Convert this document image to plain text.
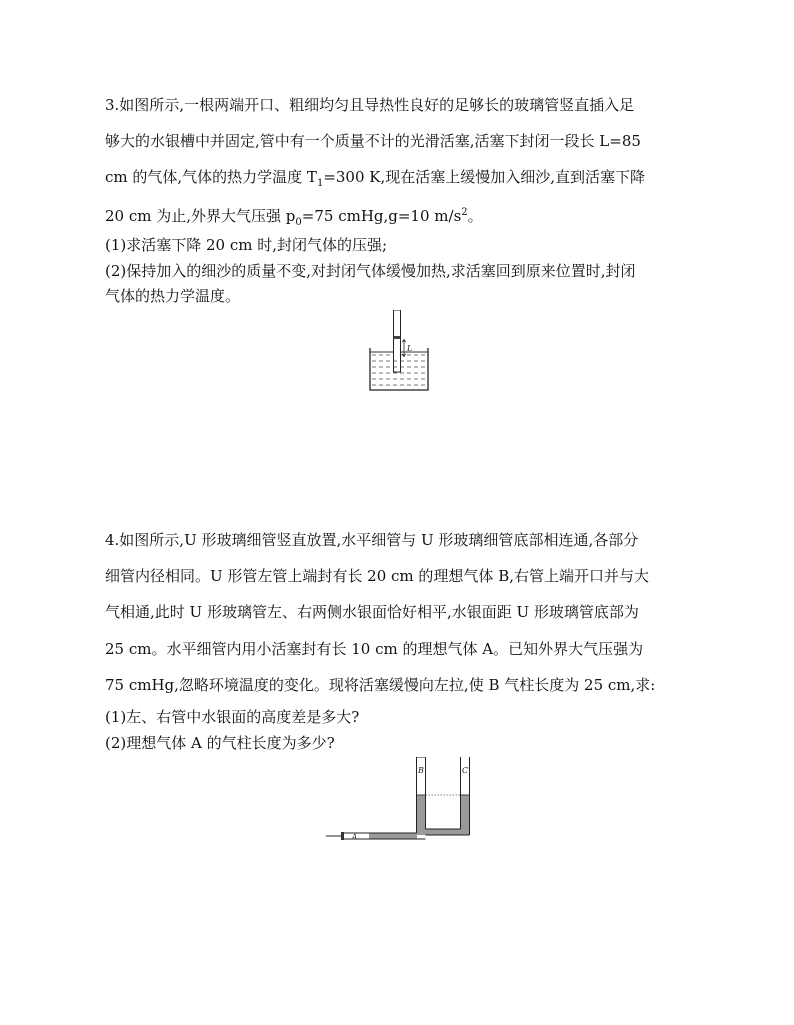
3.如图所示,一根两端开口、粗细均匀且导热性良好的足够长的玻璃管竖直插入足
够大的水银槽中并固定,管中有一个质量不计的光滑活塞,活塞下封闭一段长 L=85
cm 的气体,气体的热力学温度 $T_1=300$ K,现在活塞上缓慢加入细沙,直到活塞下降
20 cm 为止,外界大气压强 $p_0=75$ cmHg,g=10 $m/s^2$。
(1)求活塞下降 20 cm 时,封闭气体的压强;
(2)保持加入的细沙的质量不变,对封闭气体缓慢加热,求活塞回到原来位置时,封闭
气体的热力学温度。
L
4.如图所示,U 形玻璃细管竖直放置,水平细管与 U 形玻璃细管底部相连通,各部分
细管内径相同。U 形管左管上端封有长 20 cm 的理想气体 B,右管上端开口并与大
气相通,此时 U 形玻璃管左、右两侧水银面恰好相平,水银面距 U 形玻璃管底部为
25 cm。水平细管内用小活塞封有长 10 cm 的理想气体 A。已知外界大气压强为
75 cmHg,忽略环境温度的变化。现将活塞缓慢向左拉,使 B 气柱长度为 25 cm,求:
(1)左、右管中水银面的高度差是多大?
(2)理想气体 A 的气柱长度为多少?
B	C
A
